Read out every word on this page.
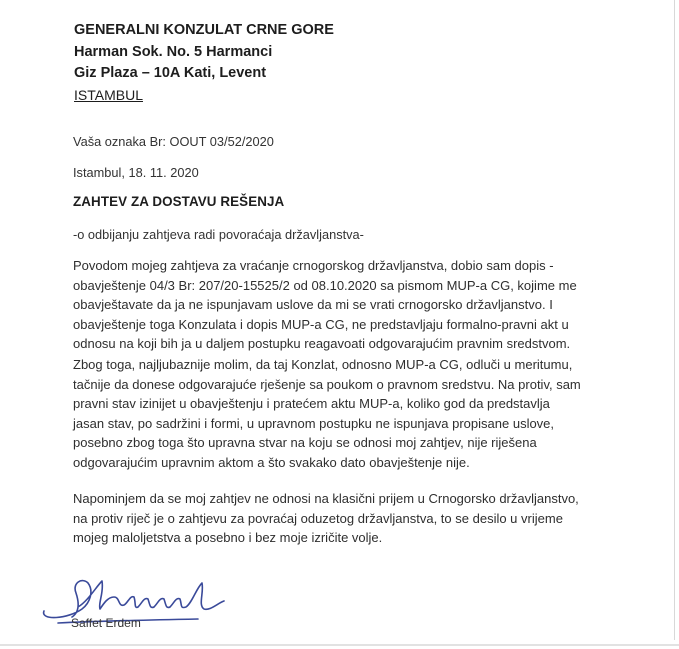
GENERALNI KONZULAT CRNE GORE
Harman Sok. No. 5 Harmanci
Giz Plaza – 10A Kati, Levent
ISTAMBUL
Vaša oznaka Br: OOUT 03/52/2020
Istambul, 18. 11. 2020
ZAHTEV ZA DOSTAVU REŠENJA
-o odbijanju zahtjeva radi povoraćaja državljanstva-
Povodom mojeg zahtjeva za vraćanje crnogorskog državljanstva, dobio sam dopis -
obavještenje 04/3 Br: 207/20-15525/2 od 08.10.2020 sa pismom MUP-a CG, kojime me
obavještavate da ja ne ispunjavam uslove da mi se vrati crnogorsko državljanstvo. I
obavještenje toga Konzulata i dopis MUP-a CG, ne predstavljaju formalno-pravni akt u
odnosu na koji bih ja u daljem postupku reagavoati odgovarajućim pravnim sredstvom.
Zbog toga, najljubaznije molim, da taj Konzlat, odnosno MUP-a CG, odluči u meritumu,
tačnije da donese odgovarajuće rješenje sa poukom o pravnom sredstvu. Na protiv, sam
pravni stav izinijet u obavještenju i pratećem aktu MUP-a, koliko god da predstavlja
jasan stav, po sadržini i formi, u upravnom postupku ne ispunjava propisane uslove,
posebno zbog toga što upravna stvar na koju se odnosi moj zahtjev, nije riješena
odgovarajućim upravnim aktom a što svakako dato obavještenje nije.
Napominjem da se moj zahtjev ne odnosi na klasični prijem u Crnogorsko državljanstvo,
na protiv riječ je o zahtjevu za povraćaj oduzetog državljanstva, to se desilo u vrijeme
mojeg maloljetstva a posebno i bez moje izričite volje.
Saffet Erdem
